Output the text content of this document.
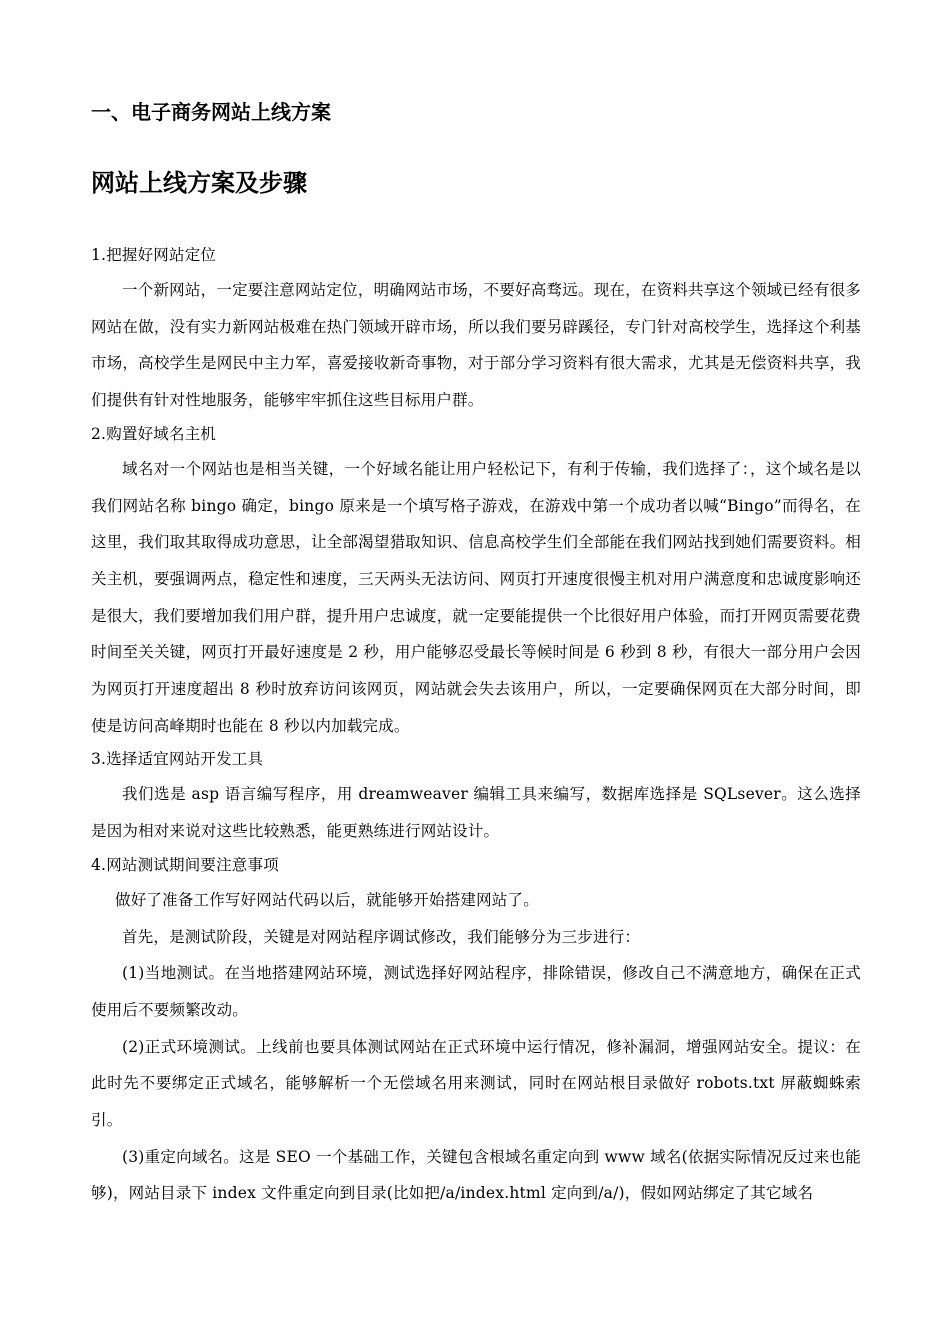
一、电子商务网站上线方案
网站上线方案及步骤

1.把握好网站定位

一个新网站，一定要注意网站定位，明确网站市场，不要好高骛远。现在，在资料共享这个领域已经有很多网站在做，没有实力新网站极难在热门领域开辟市场，所以我们要另辟蹊径，专门针对高校学生，选择这个利基市场，高校学生是网民中主力军，喜爱接收新奇事物，对于部分学习资料有很大需求，尤其是无偿资料共享，我们提供有针对性地服务，能够牢牢抓住这些目标用户群。

2.购置好域名主机

域名对一个网站也是相当关键，一个好域名能让用户轻松记下，有利于传输，我们选择了：，这个域名是以我们网站名称 bingo 确定，bingo 原来是一个填写格子游戏，在游戏中第一个成功者以喊“Bingo”而得名，在这里，我们取其取得成功意思，让全部渴望猎取知识、信息高校学生们全部能在我们网站找到她们需要资料。相关主机，要强调两点，稳定性和速度，三天两头无法访问、网页打开速度很慢主机对用户满意度和忠诚度影响还是很大，我们要增加我们用户群，提升用户忠诚度，就一定要能提供一个比很好用户体验，而打开网页需要花费时间至关关键，网页打开最好速度是 2 秒，用户能够忍受最长等候时间是 6 秒到 8 秒，有很大一部分用户会因为网页打开速度超出 8 秒时放弃访问该网页，网站就会失去该用户，所以，一定要确保网页在大部分时间，即使是访问高峰期时也能在 8 秒以内加载完成。

3.选择适宜网站开发工具

我们选是 asp 语言编写程序，用 dreamweaver 编辑工具来编写，数据库选择是 SQLsever。这么选择是因为相对来说对这些比较熟悉，能更熟练进行网站设计。

4.网站测试期间要注意事项

做好了准备工作写好网站代码以后，就能够开始搭建网站了。

首先，是测试阶段，关键是对网站程序调试修改，我们能够分为三步进行：

(1)当地测试。在当地搭建网站环境，测试选择好网站程序，排除错误，修改自己不满意地方，确保在正式使用后不要频繁改动。

(2)正式环境测试。上线前也要具体测试网站在正式环境中运行情况，修补漏洞，增强网站安全。提议：在此时先不要绑定正式域名，能够解析一个无偿域名用来测试，同时在网站根目录做好 robots.txt 屏蔽蜘蛛索引。

(3)重定向域名。这是 SEO 一个基础工作，关键包含根域名重定向到 www 域名(依据实际情况反过来也能够)，网站目录下 index 文件重定向到目录(比如把/a/index.html 定向到/a/)，假如网站绑定了其它域名
